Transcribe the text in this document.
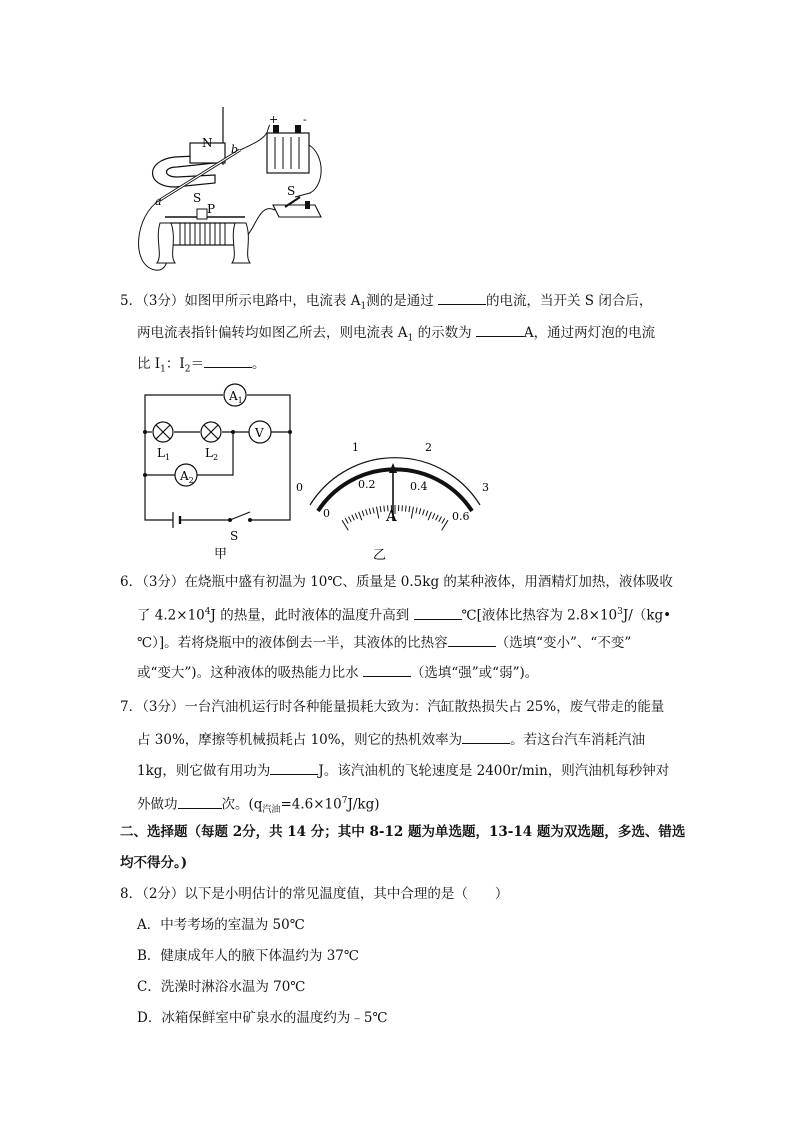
N b
a	S
P
S
+ -
5．（3分）如图甲所示电路中，电流表 $A_1$测的是通过	的电流，当开关 S 闭合后，
两电流表指针偏转均如图乙所去，则电流表 $A_1$ 的示数为	A，通过两灯泡的电流
比 $I_1$：$I_2=$	。
$A_1$
V
$A_2$
$L_1$	$L_2$
S
甲
1	2
3
0
0
0.2	0.4
0.6
A
乙
6．（3分）在烧瓶中盛有初温为 10℃、质量是 0.5kg 的某种液体，用酒精灯加热，液体吸收
了 $4.2\times 10^4J$ 的热量，此时液体的温度升高到	℃[液体比热容为 $2.8\times 10^3J/(kg•$
℃）]。若将烧瓶中的液体倒去一半，其液体的比热容	（选填“变小”、“不变”
或“变大”)。这种液体的吸热能力比水	（选填“强”或“弱”)。
7．（3分）一台汽油机运行时各种能量损耗大致为：汽缸散热损失占 25%，废气带走的能量
占 30%，摩擦等机械损耗占 10%，则它的热机效率为	。若这台汽车消耗汽油
1kg，则它做有用功为	J。该汽油机的飞轮速度是 2400r/min，则汽油机每秒钟对
外做功	次。$(q_{汽油}=4.6\times 10^7J/kg)$
二、选择题（每题 2分，共 14 分；其中 8-12 题为单选题，13-14 题为双选题，多选、错选
均不得分。)
8．（2分）以下是小明估计的常见温度值，其中合理的是（　　）
A．中考考场的室温为 50℃
B．健康成年人的腋下体温约为 37℃
C．洗澡时淋浴水温为 70℃
D．冰箱保鲜室中矿泉水的温度约为﹣5℃
